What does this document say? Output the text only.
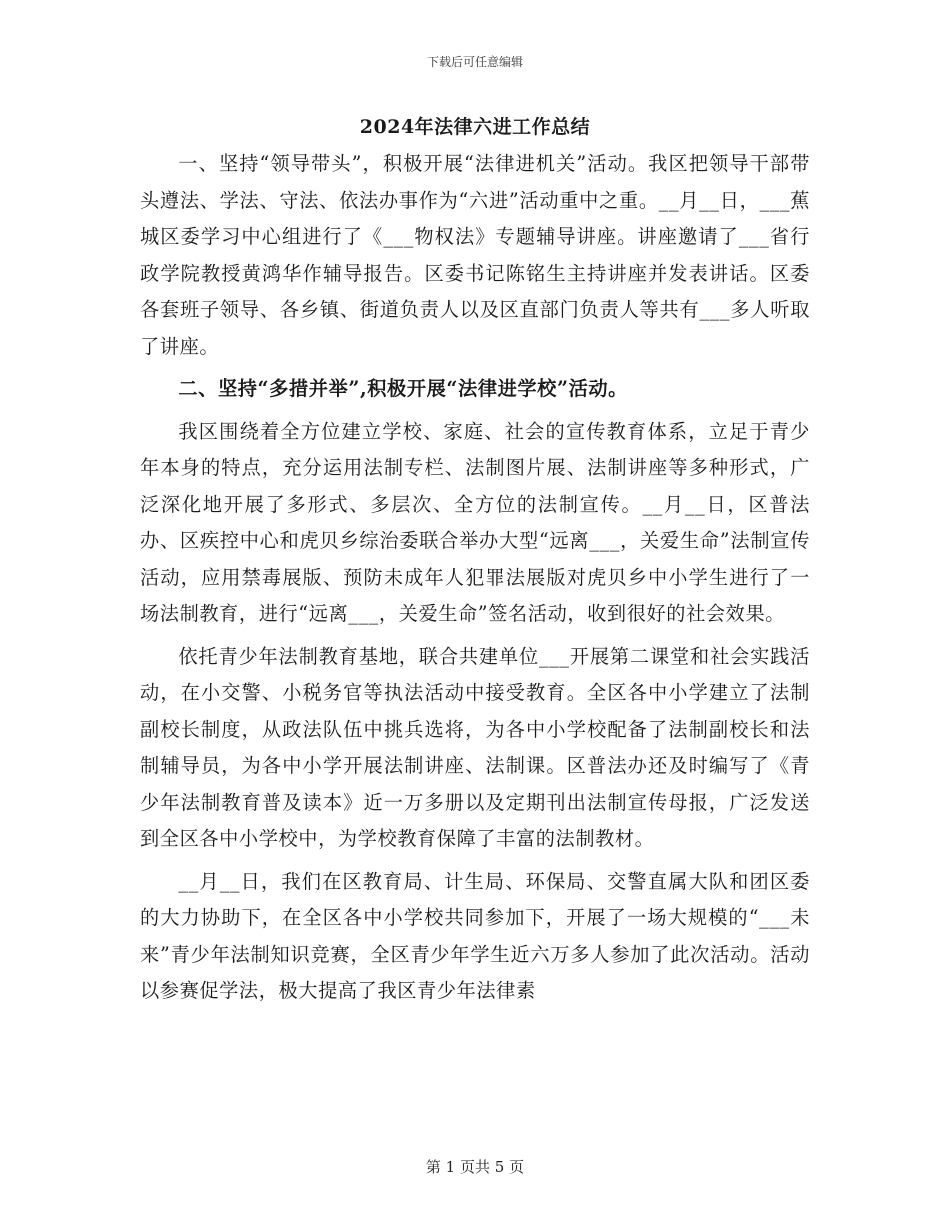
下载后可任意编辑
2024年法律六进工作总结

一、坚持“领导带头”，积极开展“法律进机关”活动。我区把领导干部带头遵法、学法、守法、依法办事作为“六进”活动重中之重。__月__日，___蕉城区委学习中心组进行了《___物权法》专题辅导讲座。讲座邀请了___省行政学院教授黄鸿华作辅导报告。区委书记陈铭生主持讲座并发表讲话。区委各套班子领导、各乡镇、街道负责人以及区直部门负责人等共有___多人听取了讲座。

二、坚持“多措并举”,积极开展“法律进学校”活动。

我区围绕着全方位建立学校、家庭、社会的宣传教育体系，立足于青少年本身的特点，充分运用法制专栏、法制图片展、法制讲座等多种形式，广泛深化地开展了多形式、多层次、全方位的法制宣传。__月__日，区普法办、区疾控中心和虎贝乡综治委联合举办大型“远离___，关爱生命”法制宣传活动，应用禁毒展版、预防未成年人犯罪法展版对虎贝乡中小学生进行了一场法制教育，进行“远离___，关爱生命”签名活动，收到很好的社会效果。

依托青少年法制教育基地，联合共建单位___开展第二课堂和社会实践活动，在小交警、小税务官等执法活动中接受教育。全区各中小学建立了法制副校长制度，从政法队伍中挑兵选将，为各中小学校配备了法制副校长和法制辅导员，为各中小学开展法制讲座、法制课。区普法办还及时编写了《青少年法制教育普及读本》近一万多册以及定期刊出法制宣传母报，广泛发送到全区各中小学校中，为学校教育保障了丰富的法制教材。

__月__日，我们在区教育局、计生局、环保局、交警直属大队和团区委的大力协助下，在全区各中小学校共同参加下，开展了一场大规模的“___未来”青少年法制知识竞赛，全区青少年学生近六万多人参加了此次活动。活动以参赛促学法，极大提高了我区青少年法律素

第 1 页共 5 页
